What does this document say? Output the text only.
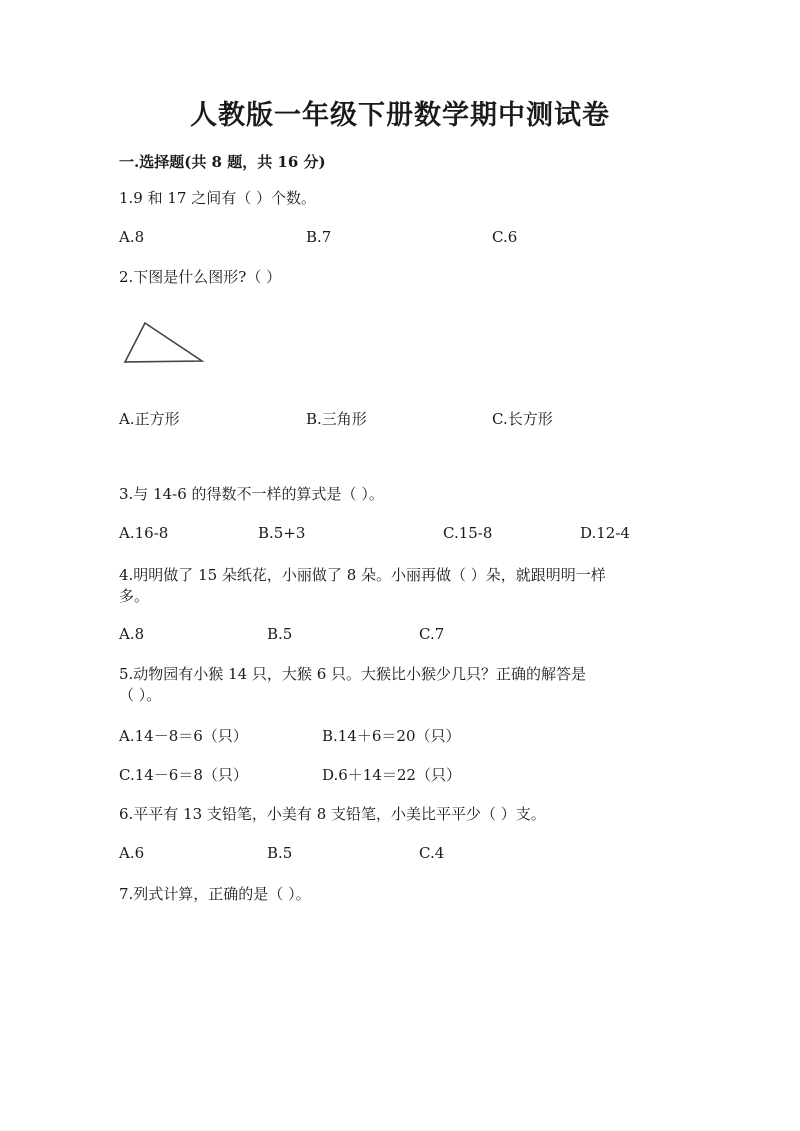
人教版一年级下册数学期中测试卷
一.选择题(共 8 题，共 16 分)
1.9 和 17 之间有（ ）个数。
A.8	B.7	C.6
2.下图是什么图形?（ ）
A.正方形	B.三角形	C.长方形
3.与 14-6 的得数不一样的算式是（ ）。
A.16-8	B.5+3	C.15-8	D.12-4
4.明明做了 15 朵纸花，小丽做了 8 朵。小丽再做（ ）朵，就跟明明一样
多。
A.8	B.5	C.7
5.动物园有小猴 14 只，大猴 6 只。大猴比小猴少几只？正确的解答是
（ ）。
A.14－8＝6（只）	B.14＋6＝20（只）
C.14－6＝8（只）	D.6＋14＝22（只）
6.平平有 13 支铅笔，小美有 8 支铅笔，小美比平平少（ ）支。
A.6	B.5	C.4
7.列式计算，正确的是（ ）。
